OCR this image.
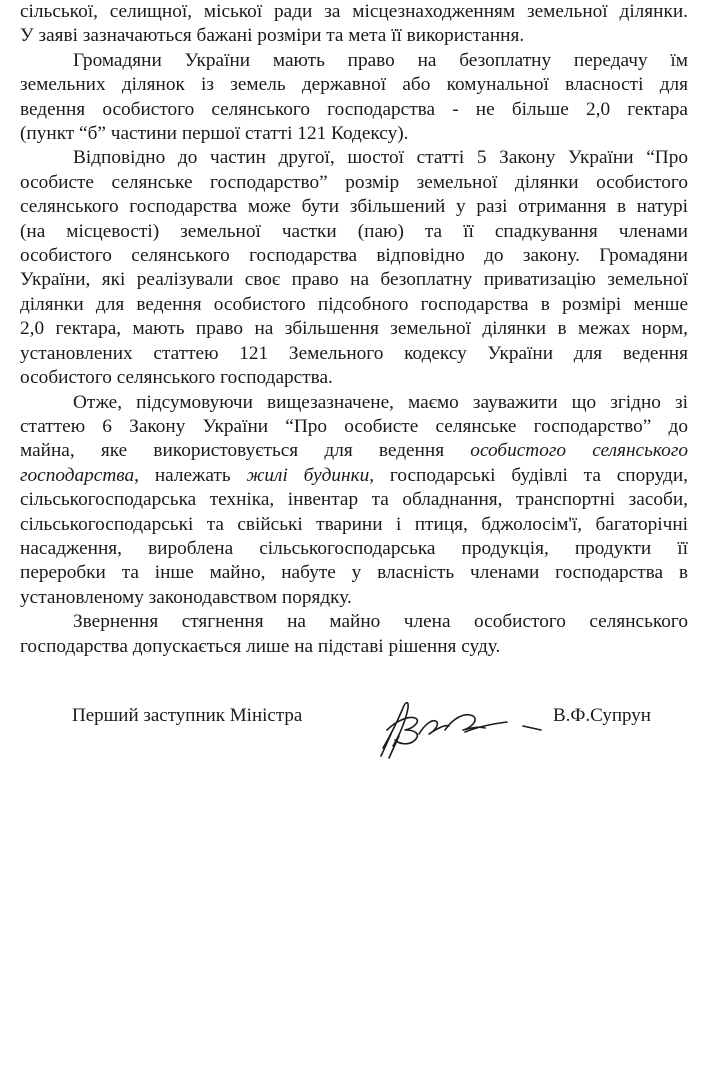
сільської, селищної, міської ради за місцезнаходженням земельної ділянки.
У заяві зазначаються бажані розміри та мета її використання.

Громадяни України мають право на безоплатну передачу їм
земельних ділянок із земель державної або комунальної власності для
ведення особистого селянського господарства - не більше 2,0 гектара
(пункт “б” частини першої статті 121 Кодексу).

Відповідно до частин другої, шостої статті 5 Закону України “Про
особисте селянське господарство” розмір земельної ділянки особистого
селянського господарства може бути збільшений у разі отримання в натурі
(на місцевості) земельної частки (паю) та її спадкування членами
особистого селянського господарства відповідно до закону. Громадяни
України, які реалізували своє право на безоплатну приватизацію земельної
ділянки для ведення особистого підсобного господарства в розмірі менше
2,0 гектара, мають право на збільшення земельної ділянки в межах норм,
установлених статтею 121 Земельного кодексу України для ведення
особистого селянського господарства.

Отже, підсумовуючи вищезазначене, маємо зауважити що згідно зі
статтею 6 Закону України “Про особисте селянське господарство” до
майна, яке використовується для ведення особистого селянського
господарства, належать жилі будинки, господарські будівлі та споруди,
сільськогосподарська техніка, інвентар та обладнання, транспортні засоби,
сільськогосподарські та свійські тварини і птиця, бджолосім'ї, багаторічні
насадження, вироблена сільськогосподарська продукція, продукти її
переробки та інше майно, набуте у власність членами господарства в
установленому законодавством порядку.

Звернення стягнення на майно члена особистого селянського
господарства допускається лише на підставі рішення суду.

Перший заступник Міністра	В.Ф.Супрун
